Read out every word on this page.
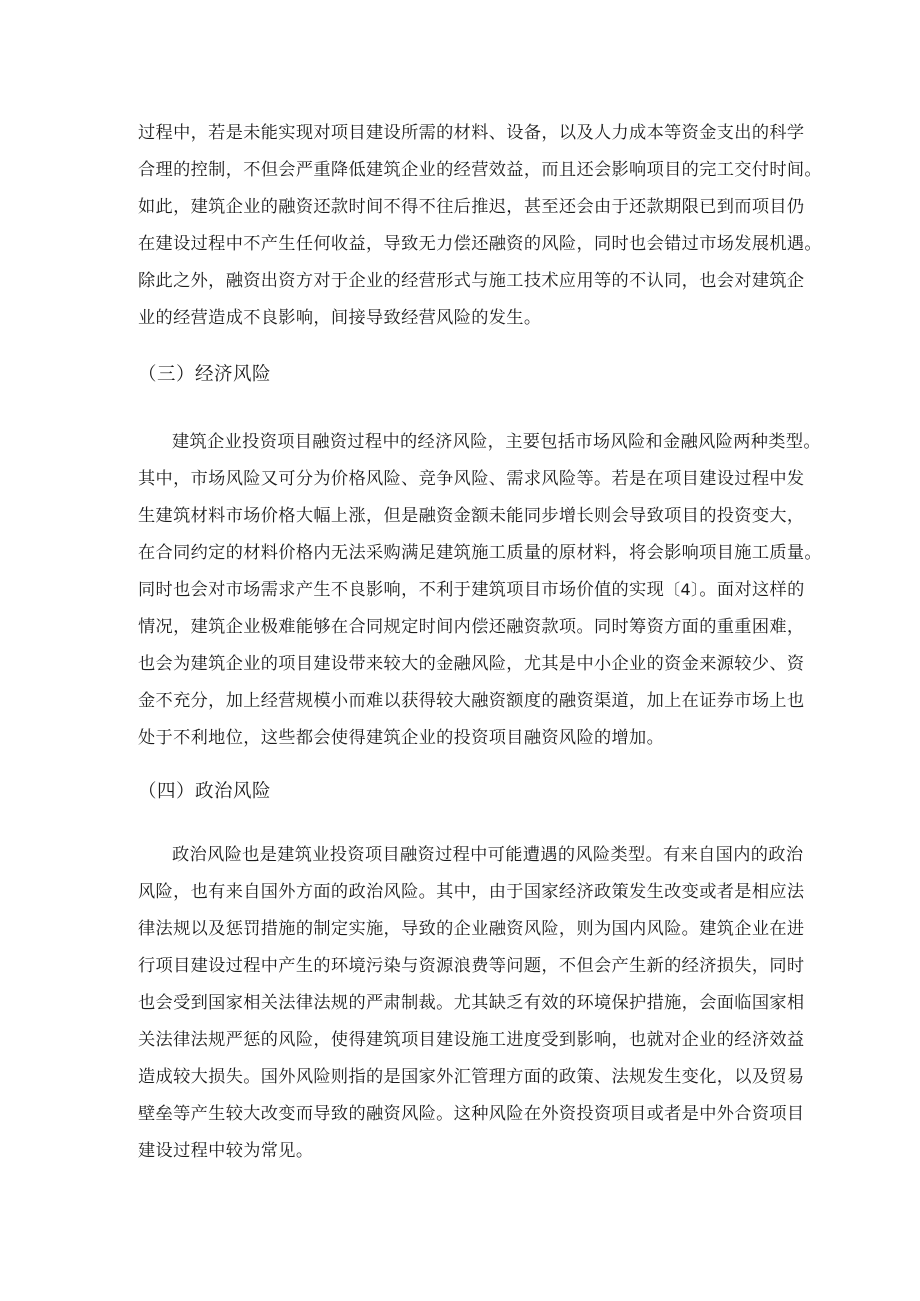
过程中，若是未能实现对项目建设所需的材料、设备，以及人力成本等资金支出的科学
合理的控制，不但会严重降低建筑企业的经营效益，而且还会影响项目的完工交付时间。
如此，建筑企业的融资还款时间不得不往后推迟，甚至还会由于还款期限已到而项目仍
在建设过程中不产生任何收益，导致无力偿还融资的风险，同时也会错过市场发展机遇。
除此之外，融资出资方对于企业的经营形式与施工技术应用等的不认同，也会对建筑企
业的经营造成不良影响，间接导致经营风险的发生。
（三）经济风险
建筑企业投资项目融资过程中的经济风险，主要包括市场风险和金融风险两种类型。
其中，市场风险又可分为价格风险、竞争风险、需求风险等。若是在项目建设过程中发
生建筑材料市场价格大幅上涨，但是融资金额未能同步增长则会导致项目的投资变大，
在合同约定的材料价格内无法采购满足建筑施工质量的原材料，将会影响项目施工质量。
同时也会对市场需求产生不良影响，不利于建筑项目市场价值的实现〔4〕。面对这样的
情况，建筑企业极难能够在合同规定时间内偿还融资款项。同时筹资方面的重重困难，
也会为建筑企业的项目建设带来较大的金融风险，尤其是中小企业的资金来源较少、资
金不充分，加上经营规模小而难以获得较大融资额度的融资渠道，加上在证券市场上也
处于不利地位，这些都会使得建筑企业的投资项目融资风险的增加。
（四）政治风险
政治风险也是建筑业投资项目融资过程中可能遭遇的风险类型。有来自国内的政治
风险，也有来自国外方面的政治风险。其中，由于国家经济政策发生改变或者是相应法
律法规以及惩罚措施的制定实施，导致的企业融资风险，则为国内风险。建筑企业在进
行项目建设过程中产生的环境污染与资源浪费等问题，不但会产生新的经济损失，同时
也会受到国家相关法律法规的严肃制裁。尤其缺乏有效的环境保护措施，会面临国家相
关法律法规严惩的风险，使得建筑项目建设施工进度受到影响，也就对企业的经济效益
造成较大损失。国外风险则指的是国家外汇管理方面的政策、法规发生变化，以及贸易
壁垒等产生较大改变而导致的融资风险。这种风险在外资投资项目或者是中外合资项目
建设过程中较为常见。
